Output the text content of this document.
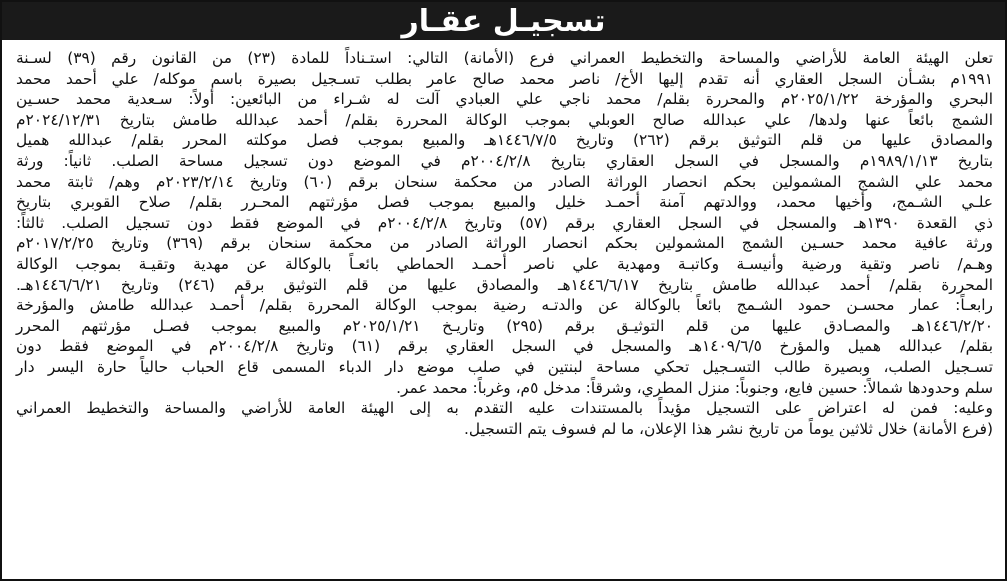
تسجيـل عقـار

تعلن الهيئة العامة للأراضي والمساحة والتخطيط العمراني فرع (الأمانة) التالي: استـناداً للمادة (٢٣) من القانون رقم (٣٩) لسـنة
١٩٩١م بشـأن السجل العقاري أنه تقدم إليها الأخ/ ناصر محمد صالح عامر بطلب تسـجيل بصيرة باسم موكله/ علي أحمد محمد
البحري والمؤرخة ٢٠٢٥/١/٢٢م والمحررة بقلم/ محمد ناجي علي العبادي آلت له شـراء من البائعين: أولاً: سـعدية محمد حسـين
الشمج بائعاً عنها ولدها/ علي عبدالله صالح العوبلي بموجب الوكالة المحررة بقلم/ أحمد عبدالله طامش بتاريخ ٢٠٢٤/١٢/٣١م
والمصادق عليها من قلم التوثيق برقم (٢٦٢) وتاريخ ١٤٤٦/٧/٥هـ والمبيع بموجب فصل موكلته المحرر بقلم/ عبدالله هميل
بتاريخ ١٩٨٩/١/١٣م والمسجل في السجل العقاري بتاريخ ٢٠٠٤/٢/٨م في الموضع دون تسجيل مساحة الصلب. ثانياً: ورثة
محمد علي الشمج المشمولين بحكم انحصار الوراثة الصادر من محكمة سنحان برقم (٦٠) وتاريخ ٢٠٢٣/٢/١٤م وهم/ ثابتة محمد
علـي الشـمج، وأخيها محمد، ووالدتهم آمنة أحمـد خليل والمبيع بموجب فصل مؤرثتهم المحـرر بقلم/ صلاح القوبري بتاريخ
ذي القعدة ١٣٩٠هـ والمسجل في السجل العقاري برقم (٥٧) وتاريخ ٢٠٠٤/٢/٨م في الموضع فقط دون تسجيل الصلب. ثالثاً:
ورثة عافية محمد حسـين الشمج المشمولين بحكم انحصار الوراثة الصادر من محكمة سنحان برقم (٣٦٩) وتاريخ ٢٠١٧/٢/٢٥م
وهـم/ ناصر وتقية ورضية وأنيسـة وكاتبـة ومهدية علي ناصر أحمـد الحماطي بائعـاً بالوكالة عن مهدية وتقيـة بموجب الوكالة
المحررة بقلم/ أحمد عبدالله طامش بتاريخ ١٤٤٦/٦/١٧هـ والمصادق عليها من قلم التوثيق برقم (٢٤٦) وتاريخ ١٤٤٦/٦/٢١هـ.
رابعـاً: عمار محسـن حمود الشـمج بائعاً بالوكالة عن والدتـه رضية بموجب الوكالة المحررة بقلم/ أحمـد عبدالله طامش والمؤرخة
١٤٤٦/٢/٢٠هـ والمصـادق عليها من قلم التوثيـق برقم (٢٩٥) وتاريـخ ٢٠٢٥/١/٢١م والمبيع بموجب فصـل مؤرثتهم المحرر
بقلم/ عبدالله هميل والمؤرخ ١٤٠٩/٦/٥هـ والمسجل في السجل العقاري برقم (٦١) وتاريخ ٢٠٠٤/٢/٨م في الموضع فقط دون
تسـجيل الصلب، وبصيرة طالب التسـجيل تحكي مساحة لبنتين في صلب موضع دار الدباء المسمى قاع الحباب حالياً حارة اليسر دار
سلم وحدودها شمالاً: حسين فايع، وجنوباً: منزل المطري، وشرقاً: مدخل ٥م، وغرباً: محمد عمر.

وعليه: فمن له اعتراض على التسجيل مؤيداً بالمستندات عليه التقدم به إلى الهيئة العامة للأراضي والمساحة والتخطيط العمراني
(فرع الأمانة) خلال ثلاثين يوماً من تاريخ نشر هذا الإعلان، ما لم فسوف يتم التسجيل.
